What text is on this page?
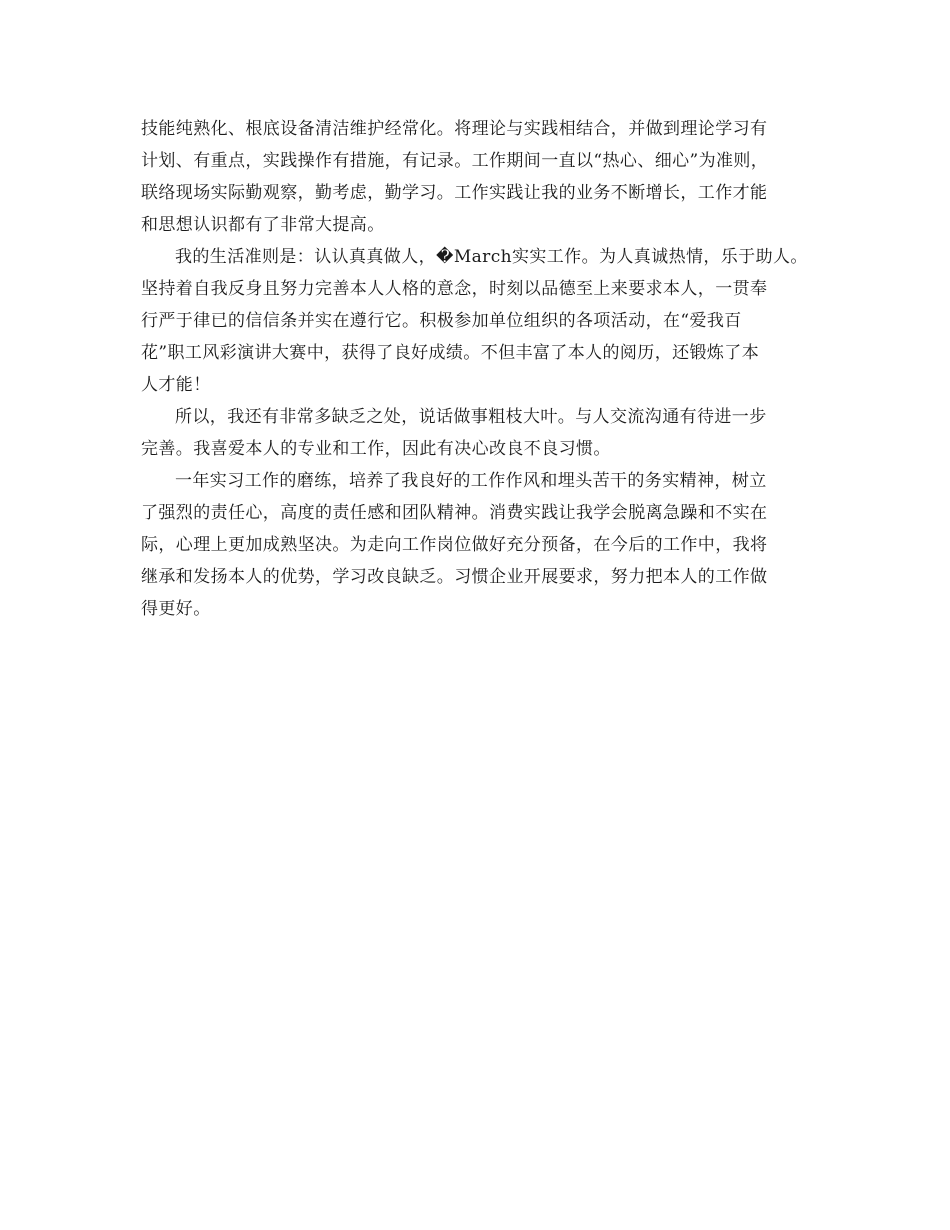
技能纯熟化、根底设备清洁维护经常化。将理论与实践相结合，并做到理论学习有
计划、有重点，实践操作有措施，有记录。工作期间一直以“热心、细心”为准则，
联络现场实际勤观察，勤考虑，勤学习。工作实践让我的业务不断增长，工作才能
和思想认识都有了非常大提高。
我的生活准则是：认认真真做人，�March实实工作。为人真诚热情，乐于助人。
坚持着自我反身且努力完善本人人格的意念，时刻以品德至上来要求本人，一贯奉
行严于律已的信信条并实在遵行它。积极参加单位组织的各项活动，在“爱我百
花”职工风彩演讲大赛中，获得了良好成绩。不但丰富了本人的阅历，还锻炼了本
人才能！
所以，我还有非常多缺乏之处，说话做事粗枝大叶。与人交流沟通有待进一步
完善。我喜爱本人的专业和工作，因此有决心改良不良习惯。
一年实习工作的磨练，培养了我良好的工作作风和埋头苦干的务实精神，树立
了强烈的责任心，高度的责任感和团队精神。消费实践让我学会脱离急躁和不实在
际，心理上更加成熟坚决。为走向工作岗位做好充分预备，在今后的工作中，我将
继承和发扬本人的优势，学习改良缺乏。习惯企业开展要求，努力把本人的工作做
得更好。
